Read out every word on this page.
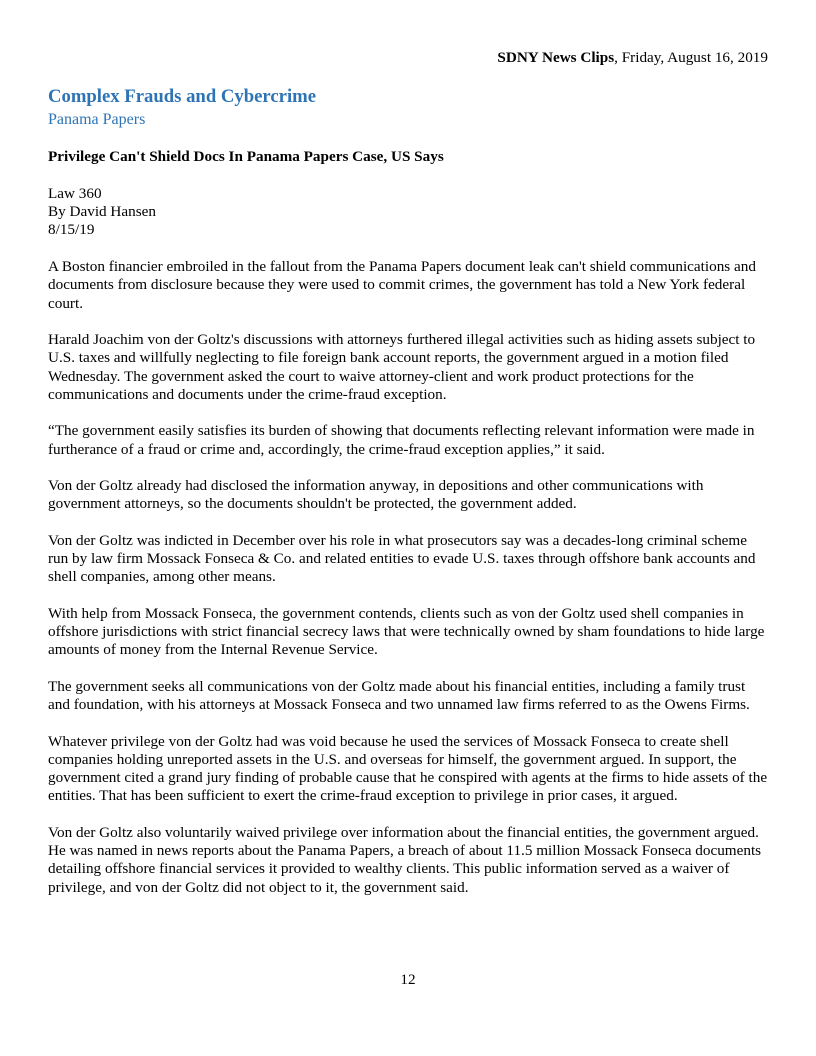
SDNY News Clips, Friday, August 16, 2019
Complex Frauds and Cybercrime
Panama Papers
Privilege Can't Shield Docs In Panama Papers Case, US Says
Law 360
By David Hansen
8/15/19

A Boston financier embroiled in the fallout from the Panama Papers document leak can't shield communications and documents from disclosure because they were used to commit crimes, the government has told a New York federal court.

Harald Joachim von der Goltz's discussions with attorneys furthered illegal activities such as hiding assets subject to U.S. taxes and willfully neglecting to file foreign bank account reports, the government argued in a motion filed Wednesday. The government asked the court to waive attorney-client and work product protections for the communications and documents under the crime-fraud exception.

“The government easily satisfies its burden of showing that documents reflecting relevant information were made in furtherance of a fraud or crime and, accordingly, the crime-fraud exception applies,” it said.

Von der Goltz already had disclosed the information anyway, in depositions and other communications with government attorneys, so the documents shouldn't be protected, the government added.

Von der Goltz was indicted in December over his role in what prosecutors say was a decades-long criminal scheme run by law firm Mossack Fonseca & Co. and related entities to evade U.S. taxes through offshore bank accounts and shell companies, among other means.

With help from Mossack Fonseca, the government contends, clients such as von der Goltz used shell companies in offshore jurisdictions with strict financial secrecy laws that were technically owned by sham foundations to hide large amounts of money from the Internal Revenue Service.

The government seeks all communications von der Goltz made about his financial entities, including a family trust and foundation, with his attorneys at Mossack Fonseca and two unnamed law firms referred to as the Owens Firms.

Whatever privilege von der Goltz had was void because he used the services of Mossack Fonseca to create shell companies holding unreported assets in the U.S. and overseas for himself, the government argued. In support, the government cited a grand jury finding of probable cause that he conspired with agents at the firms to hide assets of the entities. That has been sufficient to exert the crime-fraud exception to privilege in prior cases, it argued.

Von der Goltz also voluntarily waived privilege over information about the financial entities, the government argued. He was named in news reports about the Panama Papers, a breach of about 11.5 million Mossack Fonseca documents detailing offshore financial services it provided to wealthy clients. This public information served as a waiver of privilege, and von der Goltz did not object to it, the government said.

12
